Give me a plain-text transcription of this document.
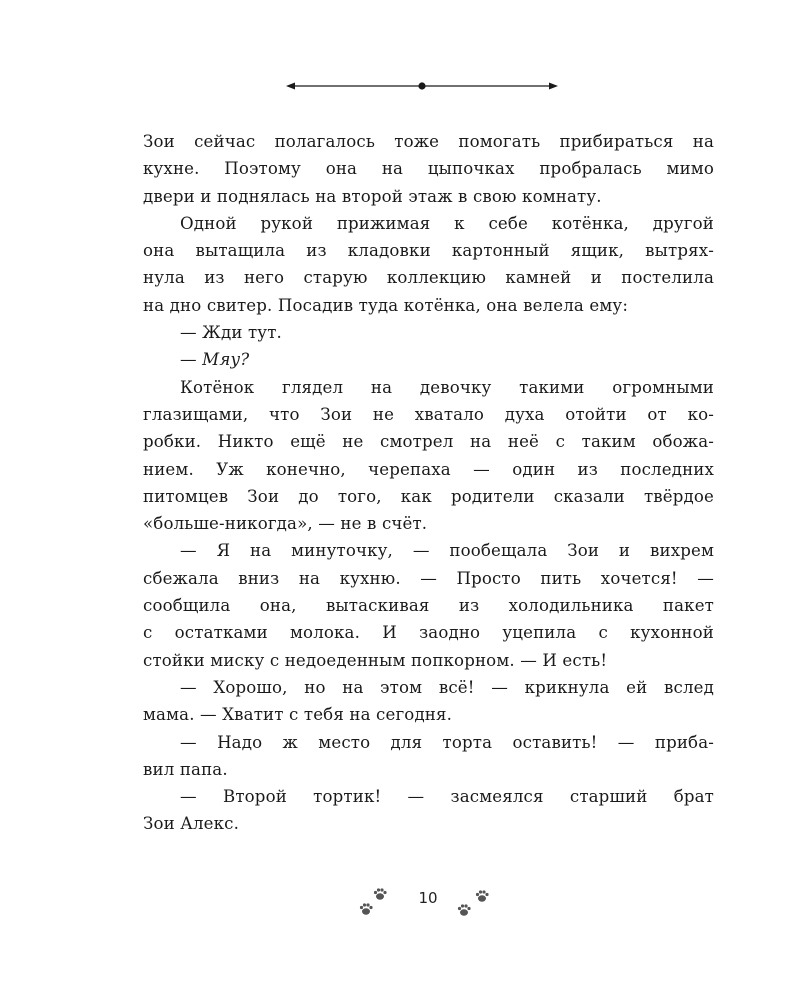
Зои сейчас полагалось тоже помогать прибираться на

кухне. Поэтому она на цыпочках пробралась мимо

двери и поднялась на второй этаж в свою комнату.

Одной рукой прижимая к себе котёнка, другой

она вытащила из кладовки картонный ящик, вытрях-

нула из него старую коллекцию камней и постелила

на дно свитер. Посадив туда котёнка, она велела ему:

— Жди тут.

— Мяу?

Котёнок глядел на девочку такими огромными

глазищами, что Зои не хватало духа отойти от ко-

робки. Никто ещё не смотрел на неё с таким обожа-

нием. Уж конечно, черепаха — один из последних

питомцев Зои до того, как родители сказали твёрдое

«больше-никогда», — не в счёт.

— Я на минуточку, — пообещала Зои и вихрем

сбежала вниз на кухню. — Просто пить хочется! —

сообщила она, вытаскивая из холодильника пакет

с остатками молока. И заодно уцепила с кухонной

стойки миску с недоеденным попкорном. — И есть!

— Хорошо, но на этом всё! — крикнула ей вслед

мама. — Хватит с тебя на сегодня.

— Надо ж место для торта оставить! — приба-

вил папа.

— Второй тортик! — засмеялся старший брат

Зои Алекс.

10
